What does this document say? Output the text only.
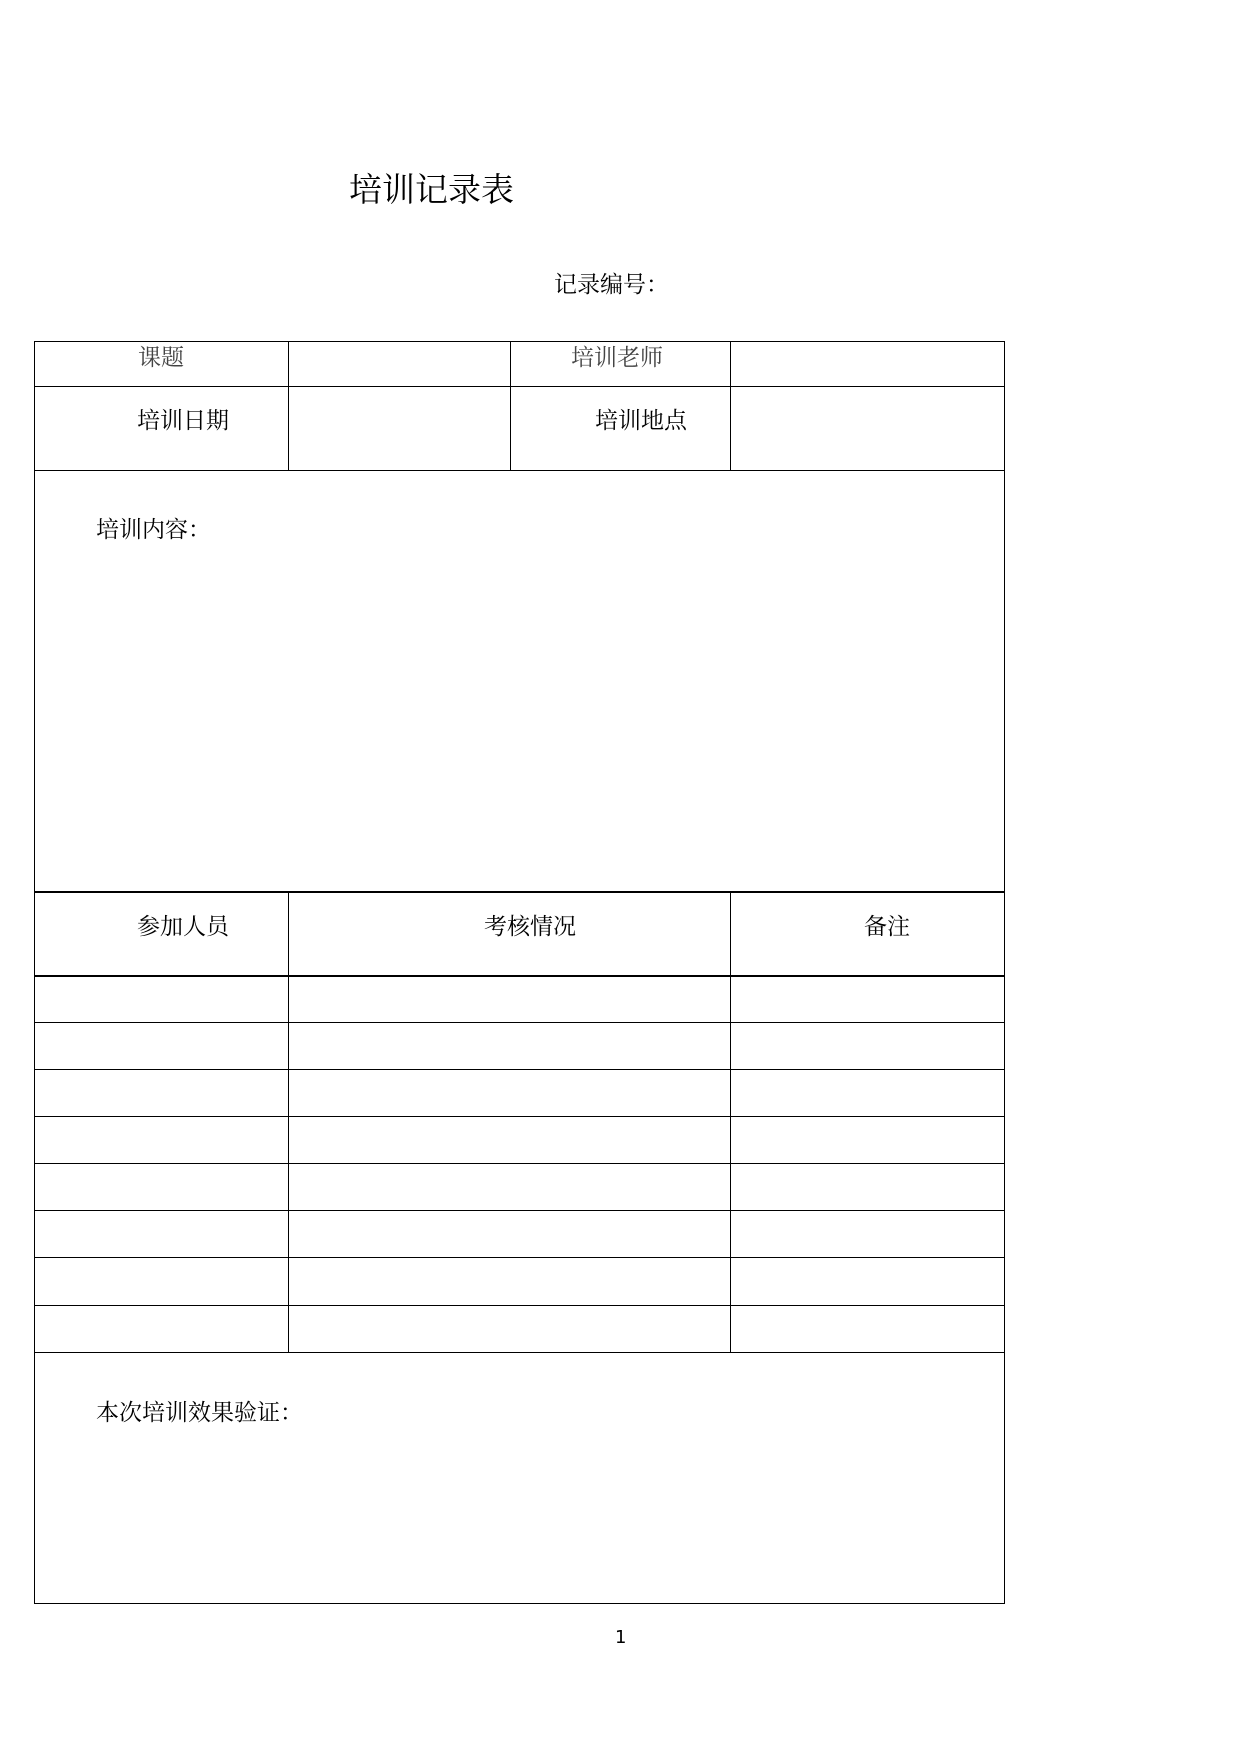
培训记录表
记录编号：
课题	培训老师
培训日期	培训地点
培训内容：
参加人员	考核情况	备注
本次培训效果验证：
1
